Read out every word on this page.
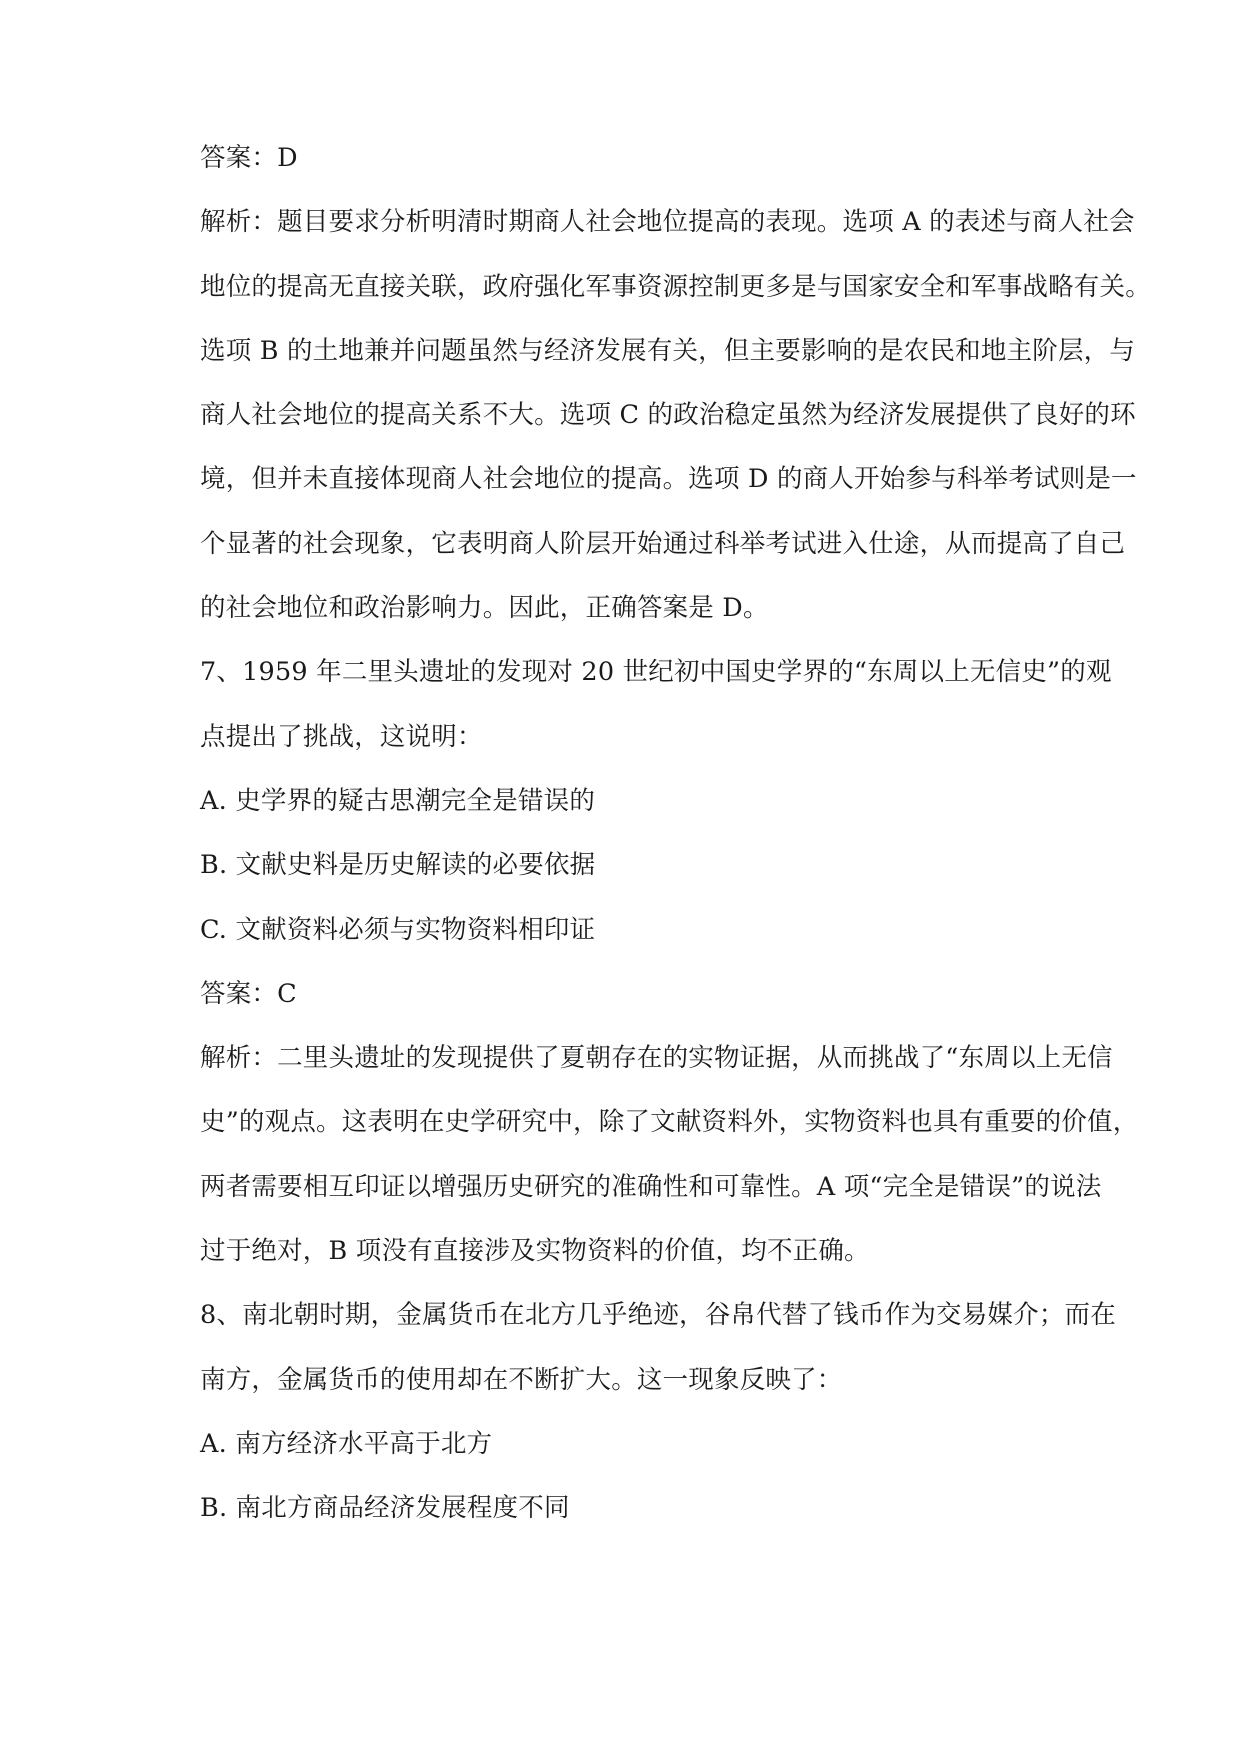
答案：D
解析：题目要求分析明清时期商人社会地位提高的表现。选项 A 的表述与商人社会
地位的提高无直接关联，政府强化军事资源控制更多是与国家安全和军事战略有关。
选项 B 的土地兼并问题虽然与经济发展有关，但主要影响的是农民和地主阶层，与
商人社会地位的提高关系不大。选项 C 的政治稳定虽然为经济发展提供了良好的环
境，但并未直接体现商人社会地位的提高。选项 D 的商人开始参与科举考试则是一
个显著的社会现象，它表明商人阶层开始通过科举考试进入仕途，从而提高了自己
的社会地位和政治影响力。因此，正确答案是 D。
7、1959 年二里头遗址的发现对 20 世纪初中国史学界的“东周以上无信史”的观
点提出了挑战，这说明：
A. 史学界的疑古思潮完全是错误的
B. 文献史料是历史解读的必要依据
C. 文献资料必须与实物资料相印证
答案：C
解析：二里头遗址的发现提供了夏朝存在的实物证据，从而挑战了“东周以上无信
史”的观点。这表明在史学研究中，除了文献资料外，实物资料也具有重要的价值，
两者需要相互印证以增强历史研究的准确性和可靠性。A 项“完全是错误”的说法
过于绝对，B 项没有直接涉及实物资料的价值，均不正确。
8、南北朝时期，金属货币在北方几乎绝迹，谷帛代替了钱币作为交易媒介；而在
南方，金属货币的使用却在不断扩大。这一现象反映了：
A. 南方经济水平高于北方
B. 南北方商品经济发展程度不同
